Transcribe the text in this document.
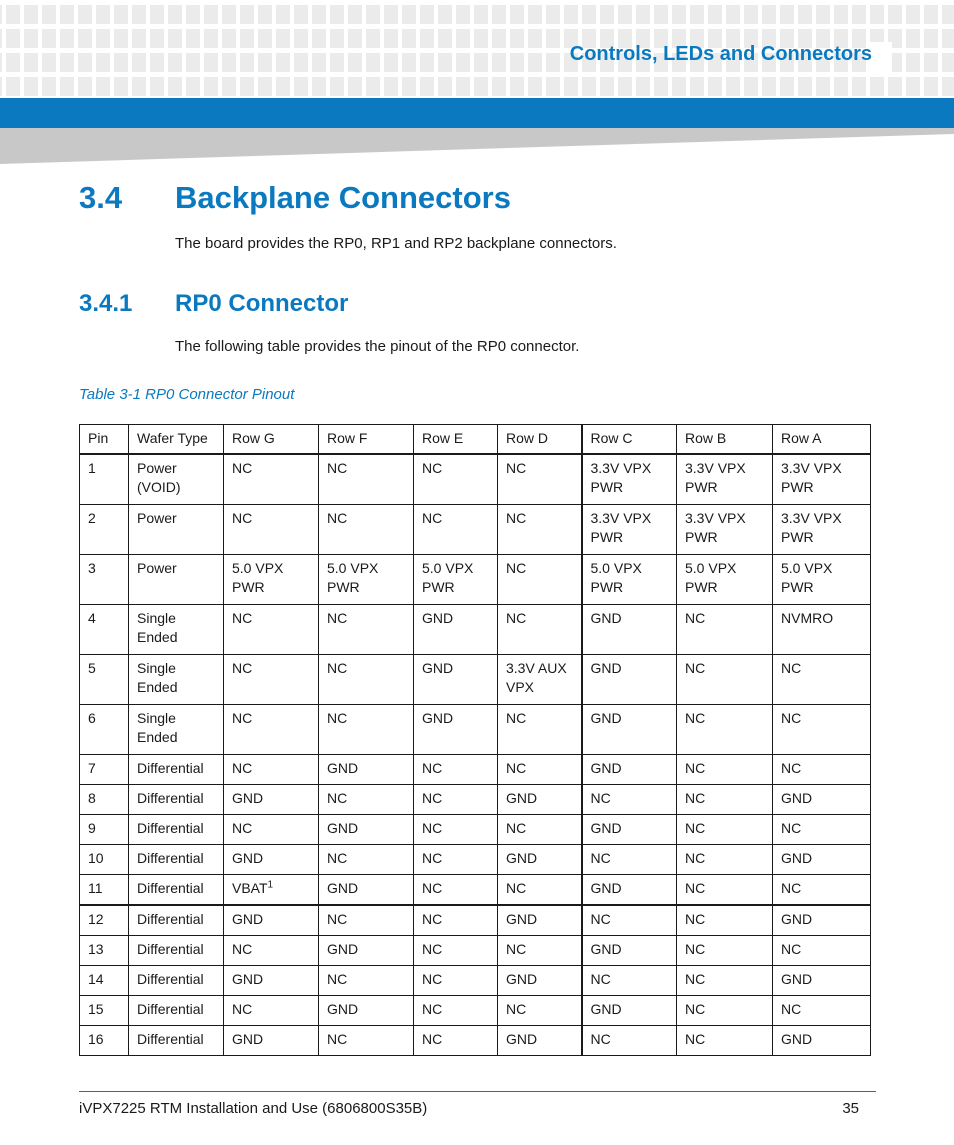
Controls, LEDs and Connectors
3.4 Backplane Connectors
The board provides the RP0, RP1 and RP2 backplane connectors.
3.4.1 RP0 Connector
The following table provides the pinout of the RP0 connector.
Table 3-1 RP0 Connector Pinout
Pin	Wafer Type	Row G	Row F	Row E	Row D	Row C	Row B	Row A
1	Power (VOID)	NC	NC	NC	NC	3.3V VPX PWR	3.3V VPX PWR	3.3V VPX PWR
2	Power	NC	NC	NC	NC	3.3V VPX PWR	3.3V VPX PWR	3.3V VPX PWR
3	Power	5.0 VPX PWR	5.0 VPX PWR	5.0 VPX PWR	NC	5.0 VPX PWR	5.0 VPX PWR	5.0 VPX PWR
4	Single Ended	NC	NC	GND	NC	GND	NC	NVMRO
5	Single Ended	NC	NC	GND	3.3V AUX VPX	GND	NC	NC
6	Single Ended	NC	NC	GND	NC	GND	NC	NC
7	Differential	NC	GND	NC	NC	GND	NC	NC
8	Differential	GND	NC	NC	GND	NC	NC	GND
9	Differential	NC	GND	NC	NC	GND	NC	NC
10	Differential	GND	NC	NC	GND	NC	NC	GND
11	Differential	VBAT$^1$	GND	NC	NC	GND	NC	NC
12	Differential	GND	NC	NC	GND	NC	NC	GND
13	Differential	NC	GND	NC	NC	GND	NC	NC
14	Differential	GND	NC	NC	GND	NC	NC	GND
15	Differential	NC	GND	NC	NC	GND	NC	NC
16	Differential	GND	NC	NC	GND	NC	NC	GND
iVPX7225 RTM Installation and Use (6806800S35B)	35
